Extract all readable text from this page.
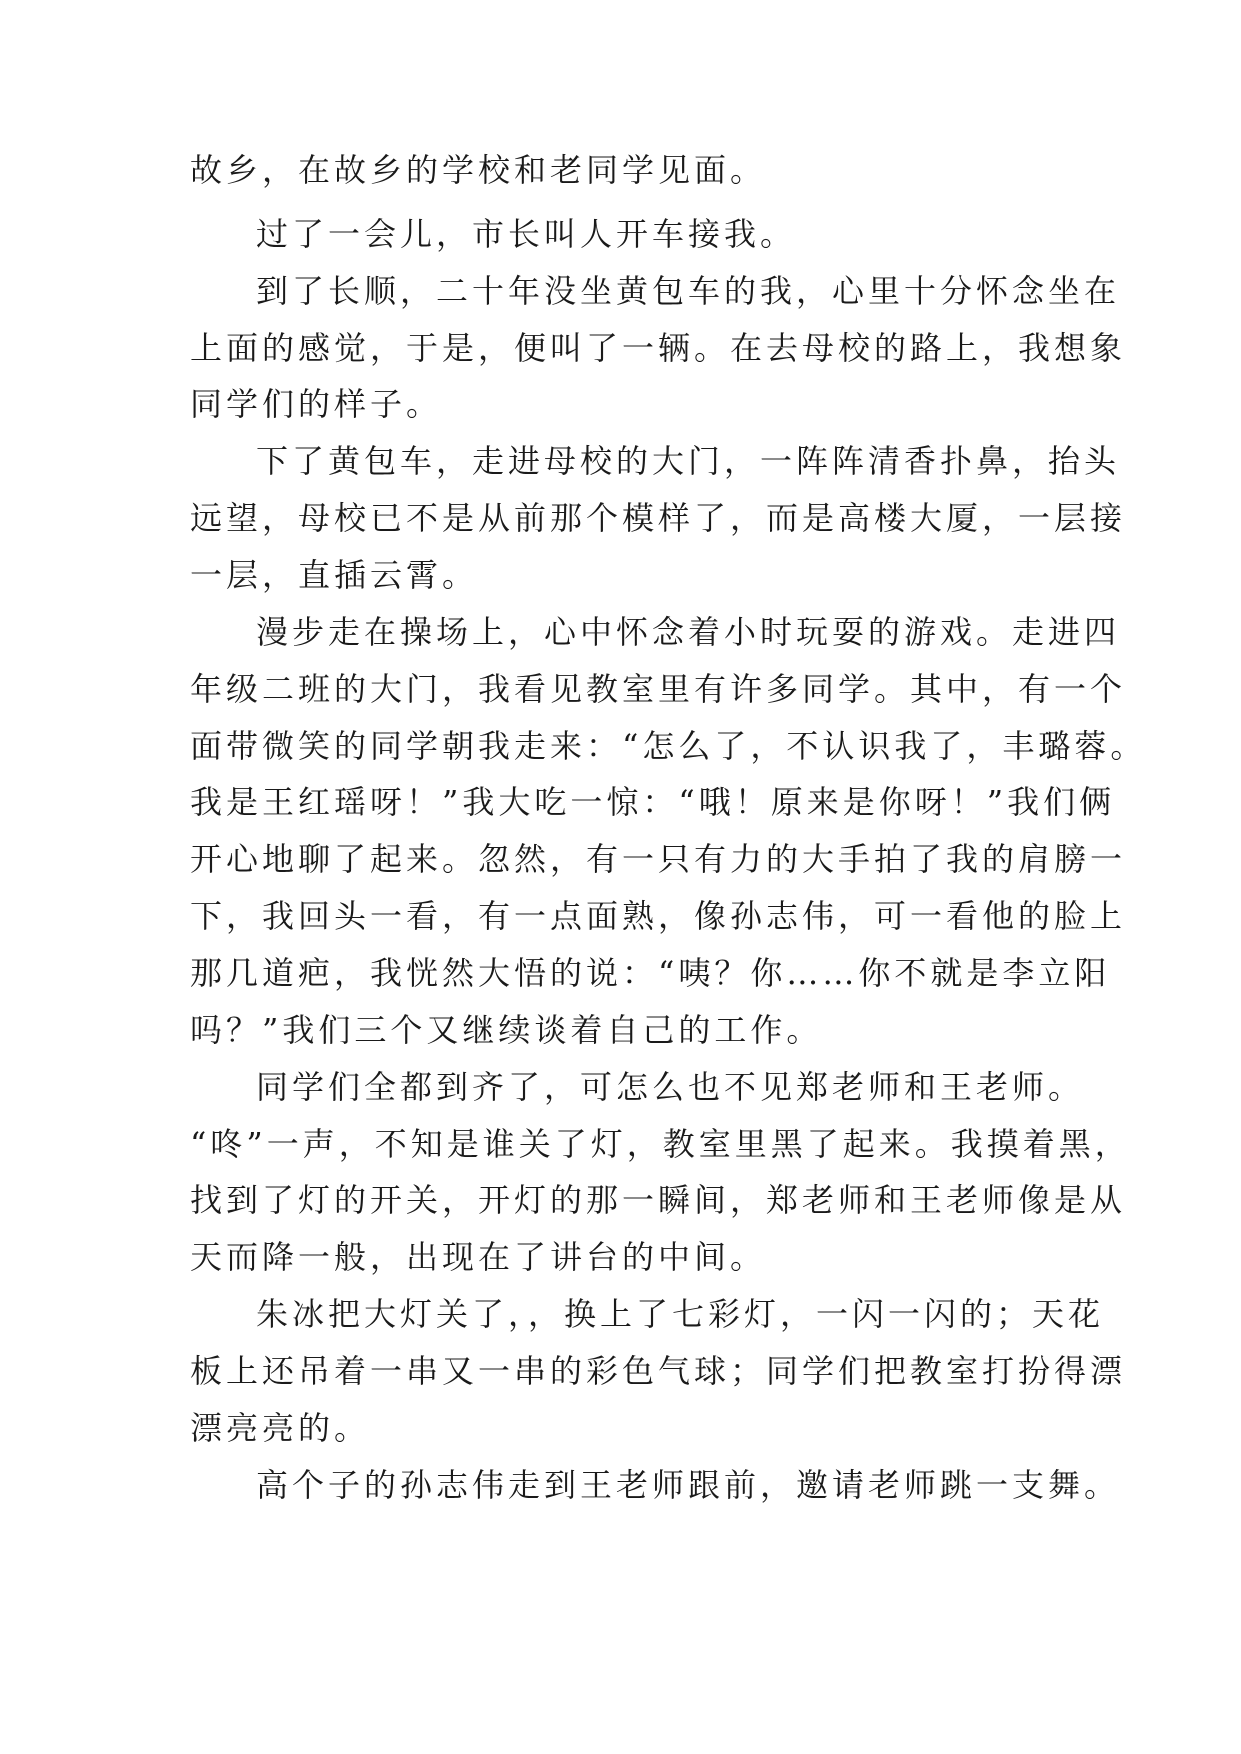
故乡，在故乡的学校和老同学见面。

过了一会儿，市长叫人开车接我。

到了长顺，二十年没坐黄包车的我，心里十分怀念坐在

上面的感觉，于是，便叫了一辆。在去母校的路上，我想象

同学们的样子。

下了黄包车，走进母校的大门，一阵阵清香扑鼻，抬头

远望，母校已不是从前那个模样了，而是高楼大厦，一层接

一层，直插云霄。

漫步走在操场上，心中怀念着小时玩耍的游戏。走进四

年级二班的大门，我看见教室里有许多同学。其中，有一个

面带微笑的同学朝我走来：“怎么了，不认识我了，丰璐蓉。

我是王红瑶呀！”我大吃一惊：“哦！原来是你呀！”我们俩

开心地聊了起来。忽然，有一只有力的大手拍了我的肩膀一

下，我回头一看，有一点面熟，像孙志伟，可一看他的脸上

那几道疤，我恍然大悟的说：“咦？你……你不就是李立阳

吗？”我们三个又继续谈着自己的工作。

同学们全都到齐了，可怎么也不见郑老师和王老师。

“咚”一声，不知是谁关了灯，教室里黑了起来。我摸着黑，

找到了灯的开关，开灯的那一瞬间，郑老师和王老师像是从

天而降一般，出现在了讲台的中间。

朱冰把大灯关了，，换上了七彩灯，一闪一闪的；天花

板上还吊着一串又一串的彩色气球；同学们把教室打扮得漂

漂亮亮的。

高个子的孙志伟走到王老师跟前，邀请老师跳一支舞。
